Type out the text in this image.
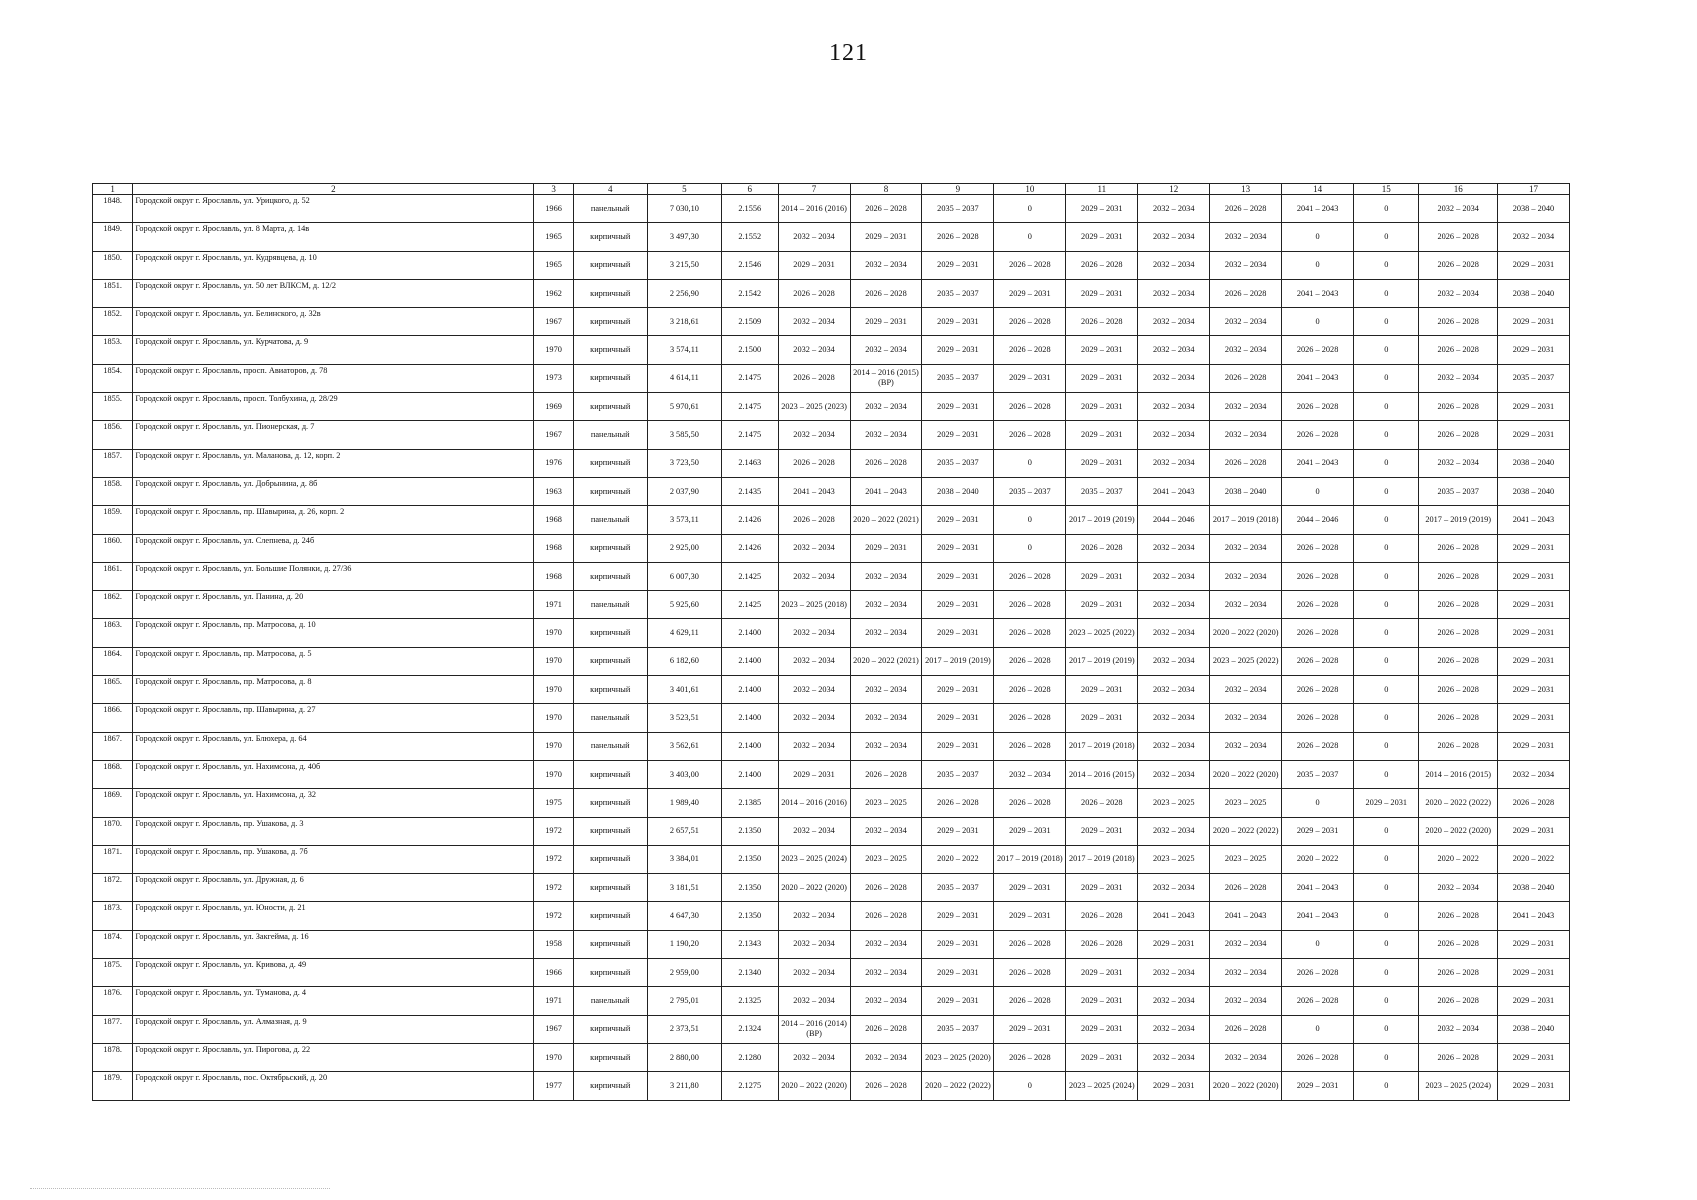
121
1	2	3	4	5	6	7	8	9	10	11	12	13	14	15	16	17
1848.	Городской округ г. Ярославль, ул. Урицкого, д. 52	1966	панельный	7 030,10	2.1556	2014 – 2016 (2016)	2026 – 2028	2035 – 2037	0	2029 – 2031	2032 – 2034	2026 – 2028	2041 – 2043	0	2032 – 2034	2038 – 2040
1849.	Городской округ г. Ярославль, ул. 8 Марта, д. 14в	1965	кирпичный	3 497,30	2.1552	2032 – 2034	2029 – 2031	2026 – 2028	0	2029 – 2031	2032 – 2034	2032 – 2034	0	0	2026 – 2028	2032 – 2034
1850.	Городской округ г. Ярославль, ул. Кудрявцева, д. 10	1965	кирпичный	3 215,50	2.1546	2029 – 2031	2032 – 2034	2029 – 2031	2026 – 2028	2026 – 2028	2032 – 2034	2032 – 2034	0	0	2026 – 2028	2029 – 2031
1851.	Городской округ г. Ярославль, ул. 50 лет ВЛКСМ, д. 12/2	1962	кирпичный	2 256,90	2.1542	2026 – 2028	2026 – 2028	2035 – 2037	2029 – 2031	2029 – 2031	2032 – 2034	2026 – 2028	2041 – 2043	0	2032 – 2034	2038 – 2040
1852.	Городской округ г. Ярославль, ул. Белинского, д. 32в	1967	кирпичный	3 218,61	2.1509	2032 – 2034	2029 – 2031	2029 – 2031	2026 – 2028	2026 – 2028	2032 – 2034	2032 – 2034	0	0	2026 – 2028	2029 – 2031
1853.	Городской округ г. Ярославль, ул. Курчатова, д. 9	1970	кирпичный	3 574,11	2.1500	2032 – 2034	2032 – 2034	2029 – 2031	2026 – 2028	2029 – 2031	2032 – 2034	2032 – 2034	2026 – 2028	0	2026 – 2028	2029 – 2031
1854.	Городской округ г. Ярославль, просп. Авиаторов, д. 78	1973	кирпичный	4 614,11	2.1475	2026 – 2028	2014 – 2016 (2015) (ВР)	2035 – 2037	2029 – 2031	2029 – 2031	2032 – 2034	2026 – 2028	2041 – 2043	0	2032 – 2034	2035 – 2037
1855.	Городской округ г. Ярославль, просп. Толбухина, д. 28/29	1969	кирпичный	5 970,61	2.1475	2023 – 2025 (2023)	2032 – 2034	2029 – 2031	2026 – 2028	2029 – 2031	2032 – 2034	2032 – 2034	2026 – 2028	0	2026 – 2028	2029 – 2031
1856.	Городской округ г. Ярославль, ул. Пионерская, д. 7	1967	панельный	3 585,50	2.1475	2032 – 2034	2032 – 2034	2029 – 2031	2026 – 2028	2029 – 2031	2032 – 2034	2032 – 2034	2026 – 2028	0	2026 – 2028	2029 – 2031
1857.	Городской округ г. Ярославль, ул. Маланова, д. 12, корп. 2	1976	кирпичный	3 723,50	2.1463	2026 – 2028	2026 – 2028	2035 – 2037	0	2029 – 2031	2032 – 2034	2026 – 2028	2041 – 2043	0	2032 – 2034	2038 – 2040
1858.	Городской округ г. Ярославль, ул. Добрынина, д. 8б	1963	кирпичный	2 037,90	2.1435	2041 – 2043	2041 – 2043	2038 – 2040	2035 – 2037	2035 – 2037	2041 – 2043	2038 – 2040	0	0	2035 – 2037	2038 – 2040
1859.	Городской округ г. Ярославль, пр. Шавырина, д. 26, корп. 2	1968	панельный	3 573,11	2.1426	2026 – 2028	2020 – 2022 (2021)	2029 – 2031	0	2017 – 2019 (2019)	2044 – 2046	2017 – 2019 (2018)	2044 – 2046	0	2017 – 2019 (2019)	2041 – 2043
1860.	Городской округ г. Ярославль, ул. Слепнева, д. 24б	1968	кирпичный	2 925,00	2.1426	2032 – 2034	2029 – 2031	2029 – 2031	0	2026 – 2028	2032 – 2034	2032 – 2034	2026 – 2028	0	2026 – 2028	2029 – 2031
1861.	Городской округ г. Ярославль, ул. Большие Полянки, д. 27/36	1968	кирпичный	6 007,30	2.1425	2032 – 2034	2032 – 2034	2029 – 2031	2026 – 2028	2029 – 2031	2032 – 2034	2032 – 2034	2026 – 2028	0	2026 – 2028	2029 – 2031
1862.	Городской округ г. Ярославль, ул. Панина, д. 20	1971	панельный	5 925,60	2.1425	2023 – 2025 (2018)	2032 – 2034	2029 – 2031	2026 – 2028	2029 – 2031	2032 – 2034	2032 – 2034	2026 – 2028	0	2026 – 2028	2029 – 2031
1863.	Городской округ г. Ярославль, пр. Матросова, д. 10	1970	кирпичный	4 629,11	2.1400	2032 – 2034	2032 – 2034	2029 – 2031	2026 – 2028	2023 – 2025 (2022)	2032 – 2034	2020 – 2022 (2020)	2026 – 2028	0	2026 – 2028	2029 – 2031
1864.	Городской округ г. Ярославль, пр. Матросова, д. 5	1970	кирпичный	6 182,60	2.1400	2032 – 2034	2020 – 2022 (2021)	2017 – 2019 (2019)	2026 – 2028	2017 – 2019 (2019)	2032 – 2034	2023 – 2025 (2022)	2026 – 2028	0	2026 – 2028	2029 – 2031
1865.	Городской округ г. Ярославль, пр. Матросова, д. 8	1970	кирпичный	3 401,61	2.1400	2032 – 2034	2032 – 2034	2029 – 2031	2026 – 2028	2029 – 2031	2032 – 2034	2032 – 2034	2026 – 2028	0	2026 – 2028	2029 – 2031
1866.	Городской округ г. Ярославль, пр. Шавырина, д. 27	1970	панельный	3 523,51	2.1400	2032 – 2034	2032 – 2034	2029 – 2031	2026 – 2028	2029 – 2031	2032 – 2034	2032 – 2034	2026 – 2028	0	2026 – 2028	2029 – 2031
1867.	Городской округ г. Ярославль, ул. Блюхера, д. 64	1970	панельный	3 562,61	2.1400	2032 – 2034	2032 – 2034	2029 – 2031	2026 – 2028	2017 – 2019 (2018)	2032 – 2034	2032 – 2034	2026 – 2028	0	2026 – 2028	2029 – 2031
1868.	Городской округ г. Ярославль, ул. Нахимсона, д. 40б	1970	кирпичный	3 403,00	2.1400	2029 – 2031	2026 – 2028	2035 – 2037	2032 – 2034	2014 – 2016 (2015)	2032 – 2034	2020 – 2022 (2020)	2035 – 2037	0	2014 – 2016 (2015)	2032 – 2034
1869.	Городской округ г. Ярославль, ул. Нахимсона, д. 32	1975	кирпичный	1 989,40	2.1385	2014 – 2016 (2016)	2023 – 2025	2026 – 2028	2026 – 2028	2026 – 2028	2023 – 2025	2023 – 2025	0	2029 – 2031	2020 – 2022 (2022)	2026 – 2028
1870.	Городской округ г. Ярославль, пр. Ушакова, д. 3	1972	кирпичный	2 657,51	2.1350	2032 – 2034	2032 – 2034	2029 – 2031	2029 – 2031	2029 – 2031	2032 – 2034	2020 – 2022 (2022)	2029 – 2031	0	2020 – 2022 (2020)	2029 – 2031
1871.	Городской округ г. Ярославль, пр. Ушакова, д. 7б	1972	кирпичный	3 384,01	2.1350	2023 – 2025 (2024)	2023 – 2025	2020 – 2022	2017 – 2019 (2018)	2017 – 2019 (2018)	2023 – 2025	2023 – 2025	2020 – 2022	0	2020 – 2022	2020 – 2022
1872.	Городской округ г. Ярославль, ул. Дружная, д. 6	1972	кирпичный	3 181,51	2.1350	2020 – 2022 (2020)	2026 – 2028	2035 – 2037	2029 – 2031	2029 – 2031	2032 – 2034	2026 – 2028	2041 – 2043	0	2032 – 2034	2038 – 2040
1873.	Городской округ г. Ярославль, ул. Юности, д. 21	1972	кирпичный	4 647,30	2.1350	2032 – 2034	2026 – 2028	2029 – 2031	2029 – 2031	2026 – 2028	2041 – 2043	2041 – 2043	2041 – 2043	0	2026 – 2028	2041 – 2043
1874.	Городской округ г. Ярославль, ул. Закгейма, д. 16	1958	кирпичный	1 190,20	2.1343	2032 – 2034	2032 – 2034	2029 – 2031	2026 – 2028	2026 – 2028	2029 – 2031	2032 – 2034	0	0	2026 – 2028	2029 – 2031
1875.	Городской округ г. Ярославль, ул. Кривова, д. 49	1966	кирпичный	2 959,00	2.1340	2032 – 2034	2032 – 2034	2029 – 2031	2026 – 2028	2029 – 2031	2032 – 2034	2032 – 2034	2026 – 2028	0	2026 – 2028	2029 – 2031
1876.	Городской округ г. Ярославль, ул. Туманова, д. 4	1971	панельный	2 795,01	2.1325	2032 – 2034	2032 – 2034	2029 – 2031	2026 – 2028	2029 – 2031	2032 – 2034	2032 – 2034	2026 – 2028	0	2026 – 2028	2029 – 2031
1877.	Городской округ г. Ярославль, ул. Алмазная, д. 9	1967	кирпичный	2 373,51	2.1324	2014 – 2016 (2014) (ВР)	2026 – 2028	2035 – 2037	2029 – 2031	2029 – 2031	2032 – 2034	2026 – 2028	0	0	2032 – 2034	2038 – 2040
1878.	Городской округ г. Ярославль, ул. Пирогова, д. 22	1970	кирпичный	2 880,00	2.1280	2032 – 2034	2032 – 2034	2023 – 2025 (2020)	2026 – 2028	2029 – 2031	2032 – 2034	2032 – 2034	2026 – 2028	0	2026 – 2028	2029 – 2031
1879.	Городской округ г. Ярославль, пос. Октябрьский, д. 20	1977	кирпичный	3 211,80	2.1275	2020 – 2022 (2020)	2026 – 2028	2020 – 2022 (2022)	0	2023 – 2025 (2024)	2029 – 2031	2020 – 2022 (2020)	2029 – 2031	0	2023 – 2025 (2024)	2029 – 2031
